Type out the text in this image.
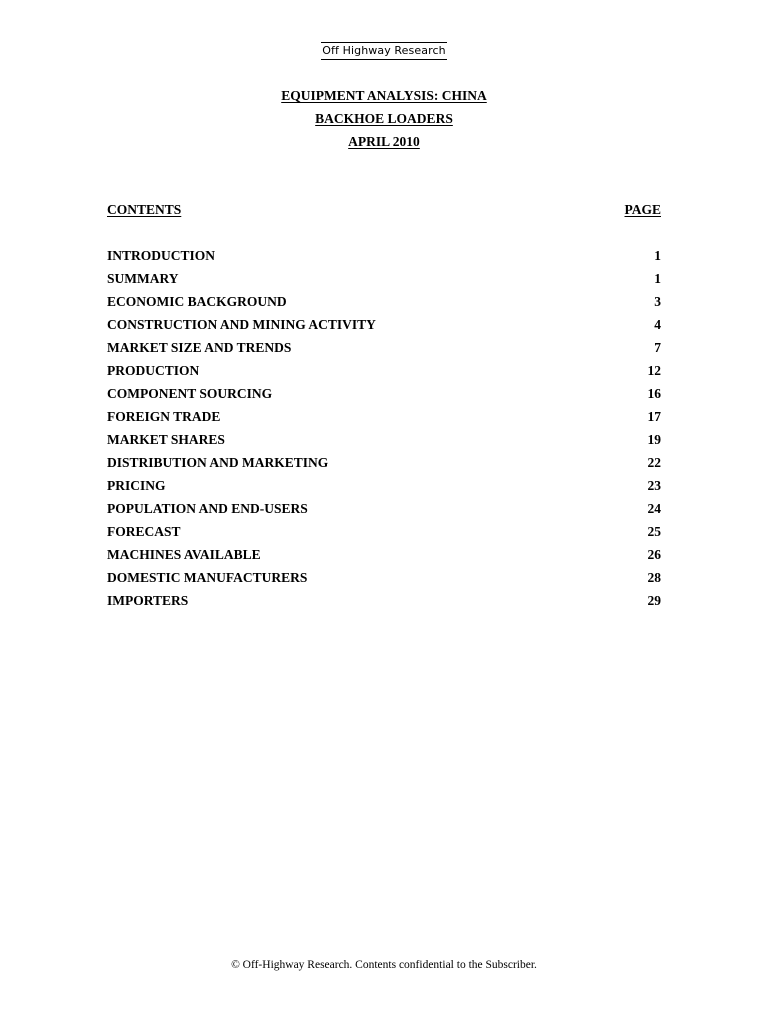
Off Highway Research
EQUIPMENT ANALYSIS: CHINA
BACKHOE LOADERS
APRIL 2010
CONTENTS	PAGE
INTRODUCTION	1
SUMMARY	1
ECONOMIC BACKGROUND	3
CONSTRUCTION AND MINING ACTIVITY	4
MARKET SIZE AND TRENDS	7
PRODUCTION	12
COMPONENT SOURCING	16
FOREIGN TRADE	17
MARKET SHARES	19
DISTRIBUTION AND MARKETING	22
PRICING	23
POPULATION AND END-USERS	24
FORECAST	25
MACHINES AVAILABLE	26
DOMESTIC MANUFACTURERS	28
IMPORTERS	29
© Off-Highway Research. Contents confidential to the Subscriber.
